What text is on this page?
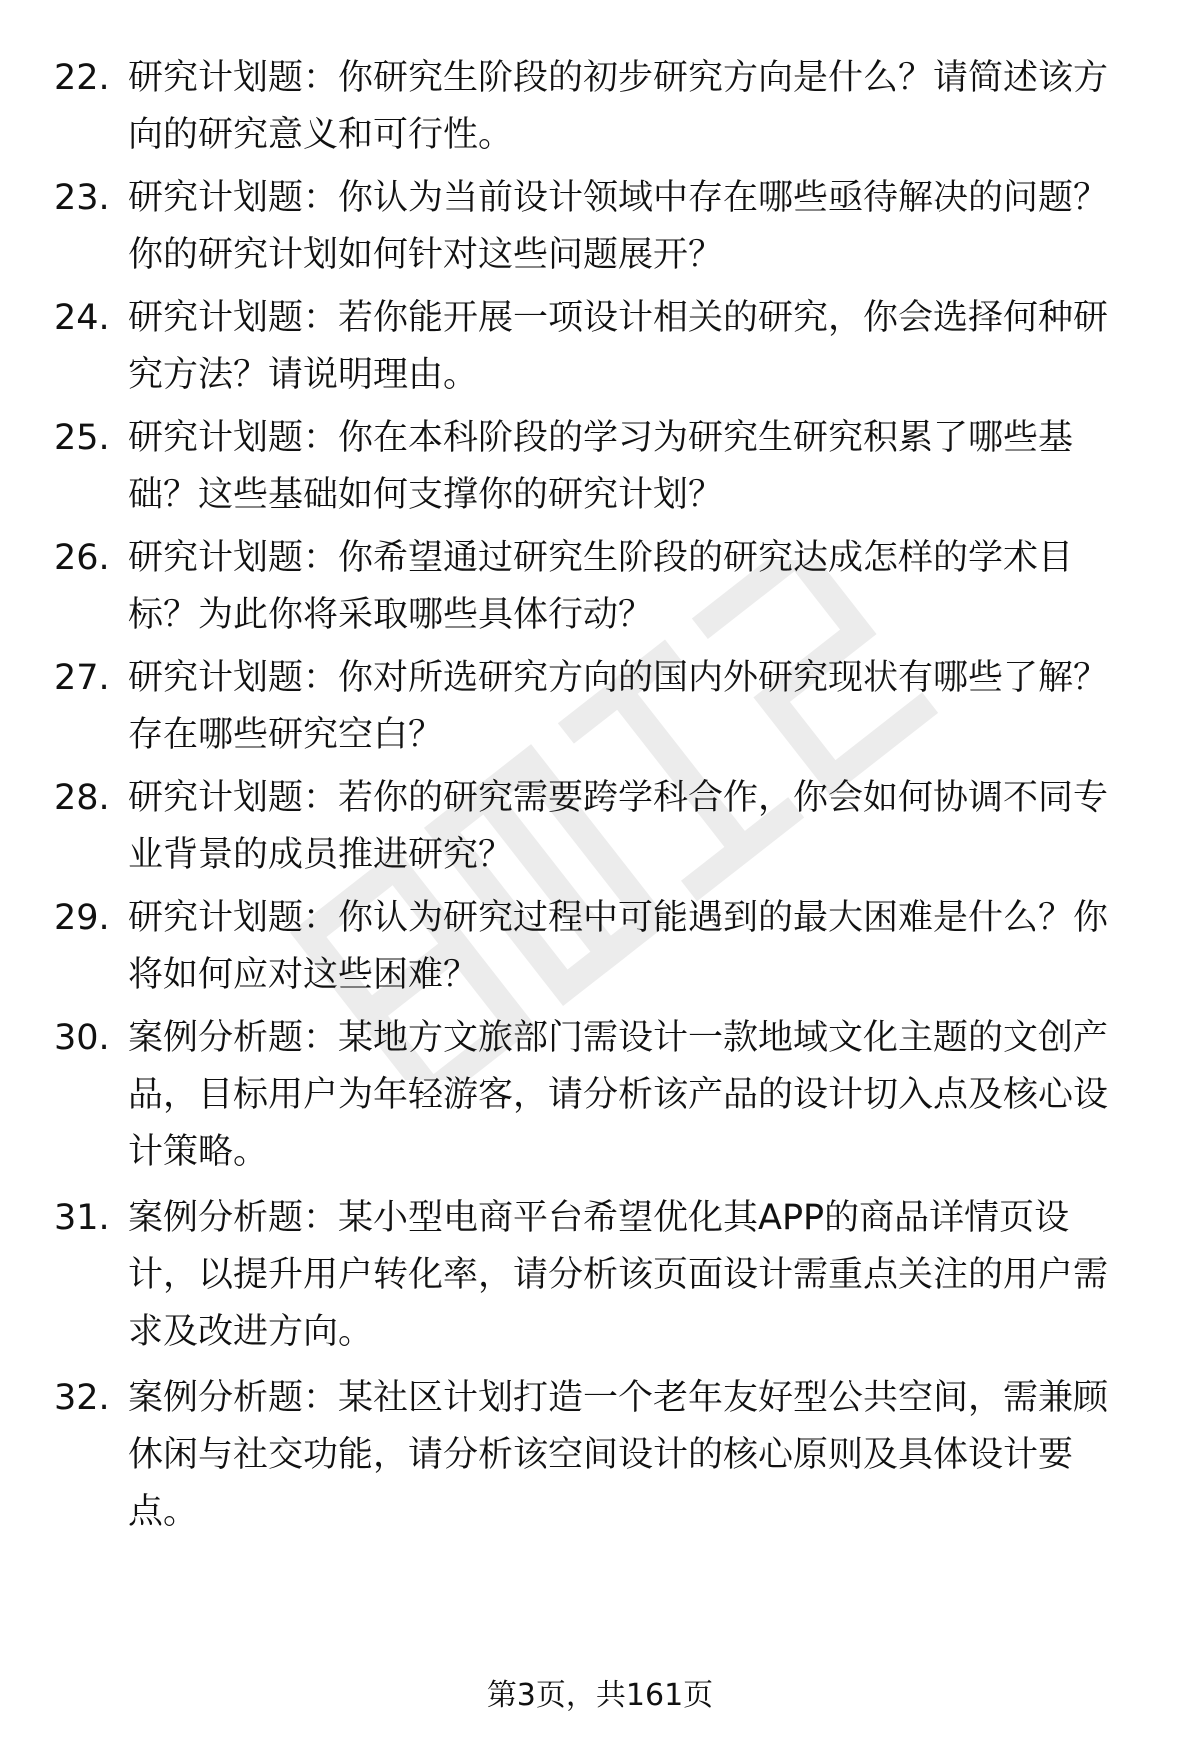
22. 研究计划题：你研究生阶段的初步研究方向是什么？请简述该方向的研究意义和可行性。
23. 研究计划题：你认为当前设计领域中存在哪些亟待解决的问题？你的研究计划如何针对这些问题展开？
24. 研究计划题：若你能开展一项设计相关的研究，你会选择何种研究方法？请说明理由。
25. 研究计划题：你在本科阶段的学习为研究生研究积累了哪些基础？这些基础如何支撑你的研究计划？
26. 研究计划题：你希望通过研究生阶段的研究达成怎样的学术目标？为此你将采取哪些具体行动？
27. 研究计划题：你对所选研究方向的国内外研究现状有哪些了解？存在哪些研究空白？
28. 研究计划题：若你的研究需要跨学科合作，你会如何协调不同专业背景的成员推进研究？
29. 研究计划题：你认为研究过程中可能遇到的最大困难是什么？你将如何应对这些困难？
30. 案例分析题：某地方文旅部门需设计一款地域文化主题的文创产品，目标用户为年轻游客，请分析该产品的设计切入点及核心设计策略。
31. 案例分析题：某小型电商平台希望优化其APP的商品详情页设计，以提升用户转化率，请分析该页面设计需重点关注的用户需求及改进方向。
32. 案例分析题：某社区计划打造一个老年友好型公共空间，需兼顾休闲与社交功能，请分析该空间设计的核心原则及具体设计要点。
第3页，共161页
